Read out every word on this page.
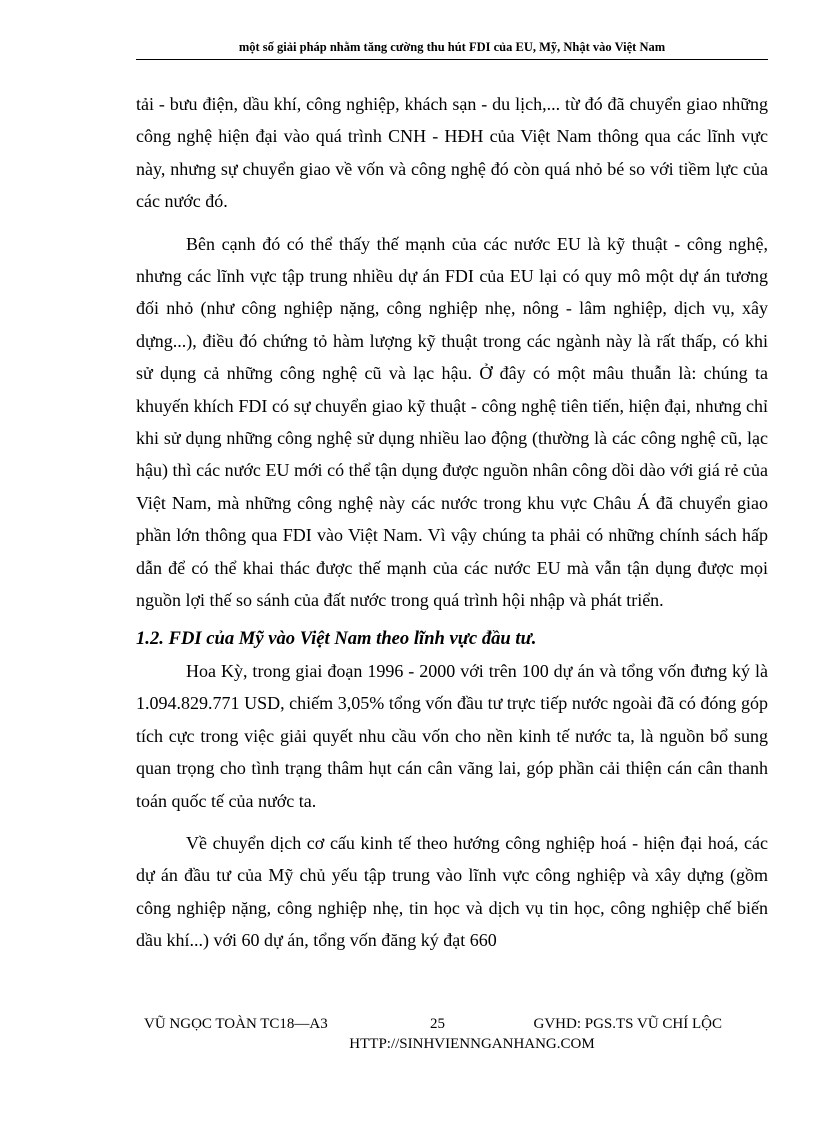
một số giải pháp nhằm tăng cường thu hút FDI của EU, Mỹ, Nhật vào Việt Nam

tải - bưu điện, dầu khí, công nghiệp, khách sạn - du lịch,... từ đó đã chuyển giao những công nghệ hiện đại vào quá trình CNH - HĐH của Việt Nam thông qua các lĩnh vực này, nhưng sự chuyển giao về vốn và công nghệ đó còn quá nhỏ bé so với tiềm lực của các nước đó.

Bên cạnh đó có thể thấy thế mạnh của các nước EU là kỹ thuật - công nghệ, nhưng các lĩnh vực tập trung nhiều dự án FDI của EU lại có quy mô một dự án tương đối nhỏ (như công nghiệp nặng, công nghiệp nhẹ, nông - lâm nghiệp, dịch vụ, xây dựng...), điều đó chứng tỏ hàm lượng kỹ thuật trong các ngành này là rất thấp, có khi sử dụng cả những công nghệ cũ và lạc hậu. Ở đây có một mâu thuẫn là: chúng ta khuyến khích FDI có sự chuyển giao kỹ thuật - công nghệ tiên tiến, hiện đại, nhưng chỉ khi sử dụng những công nghệ sử dụng nhiều lao động (thường là các công nghệ cũ, lạc hậu) thì các nước EU mới có thể tận dụng được nguồn nhân công dồi dào với giá rẻ của Việt Nam, mà những công nghệ này các nước trong khu vực Châu Á đã chuyển giao phần lớn thông qua FDI vào Việt Nam. Vì vậy chúng ta phải có những chính sách hấp dẫn để có thể khai thác được thế mạnh của các nước EU mà vẫn tận dụng được mọi nguồn lợi thế so sánh của đất nước trong quá trình hội nhập và phát triển.

1.2. FDI của Mỹ vào Việt Nam theo lĩnh vực đầu tư.

Hoa Kỳ, trong giai đoạn 1996 - 2000 với trên 100 dự án và tổng vốn đưng ký là 1.094.829.771 USD, chiếm 3,05% tổng vốn đầu tư trực tiếp nước ngoài đã có đóng góp tích cực trong việc giải quyết nhu cầu vốn cho nền kinh tế nước ta, là nguồn bổ sung quan trọng cho tình trạng thâm hụt cán cân vãng lai, góp phần cải thiện cán cân thanh toán quốc tế của nước ta.

Về chuyển dịch cơ cấu kinh tế theo hướng công nghiệp hoá - hiện đại hoá, các dự án đầu tư của Mỹ chủ yếu tập trung vào lĩnh vực công nghiệp và xây dựng (gồm công nghiệp nặng, công nghiệp nhẹ, tin học và dịch vụ tin học, công nghiệp chế biến dầu khí...) với 60 dự án, tổng vốn đăng ký đạt 660

VŨ NGỌC TOÀN TC18—A3	25	GVHD: PGS.TS VŨ CHÍ LỘC
HTTP://SINHVIENNGANHANG.COM
